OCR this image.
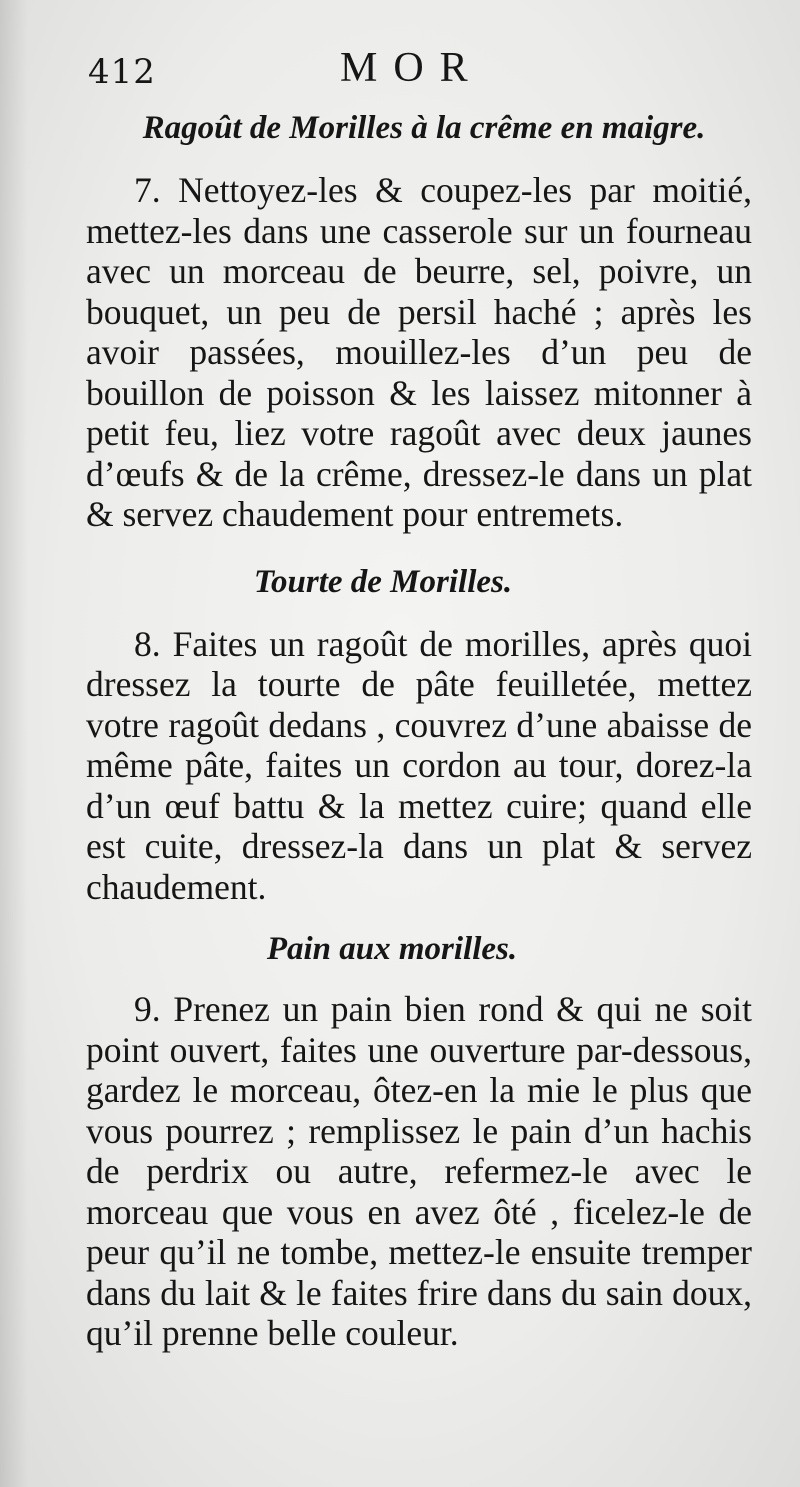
412	MOR
Ragoût de Morilles à la crême en maigre.

7. Nettoyez-les & coupez-les par moitié, mettez-les dans une casserole sur un fourneau avec un morceau de beurre, sel, poivre, un bouquet, un peu de persil haché ; après les avoir passées, mouillez-les d’un peu de bouillon de poisson & les laissez mitonner à petit feu, liez votre ragoût avec deux jaunes d’œufs & de la crême, dressez-le dans un plat & servez chaudement pour entremets.

Tourte de Morilles.

8. Faites un ragoût de morilles, après quoi dressez la tourte de pâte feuilletée, mettez votre ragoût dedans , couvrez d’une abaisse de même pâte, faites un cordon au tour, dorez-la d’un œuf battu & la mettez cuire; quand elle est cuite, dressez-la dans un plat & servez chaudement.

Pain aux morilles.

9. Prenez un pain bien rond & qui ne soit point ouvert, faites une ouverture par-dessous, gardez le morceau, ôtez-en la mie le plus que vous pourrez ; remplissez le pain d’un hachis de perdrix ou autre, refermez-le avec le morceau que vous en avez ôté , ficelez-le de peur qu’il ne tombe, mettez-le ensuite tremper dans du lait & le faites frire dans du sain doux, qu’il prenne belle couleur.
